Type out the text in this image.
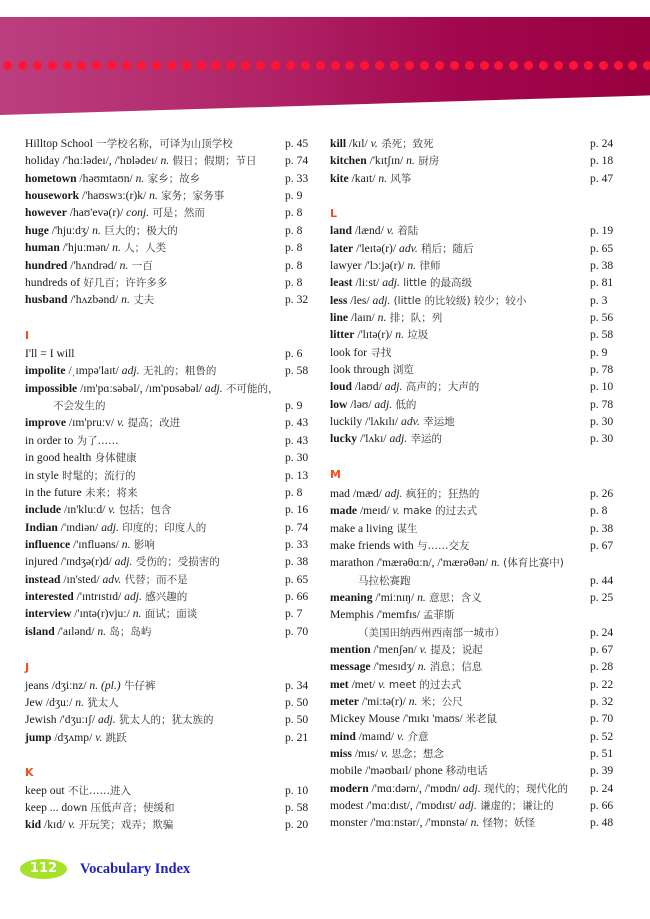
Hilltop School 一学校名称，可译为山顶学校	p. 45
holiday /'hɑːlədeɪ/, /'hɒlədeɪ/ n. 假日；假期；节日 p. 74
hometown /həʊmtaʊn/ n. 家乡；故乡	p. 33
housework /'haʊswɜː(r)k/ n. 家务；家务事	p. 9
however /haʊ'evə(r)/ conj. 可是；然而	p. 8
huge /'hjuːdʒ/ n. 巨大的；极大的	p. 8
human /'hjuːmən/ n. 人；人类	p. 8
hundred /'hʌndrəd/ n. 一百	p. 8
hundreds of 好几百；许许多多	p. 8
husband /'hʌzbənd/ n. 丈夫	p. 32
I
I'll = I will	p. 6
impolite /ˌɪmpə'laɪt/ adj. 无礼的；粗鲁的	p. 58
impossible /ɪm'pɑːsəbəl/, /ɪm'pɒsəbəl/ adj. 不可能的，
不会发生的	p. 9
improve /ɪm'pruːv/ v. 提高；改进	p. 43
in order to 为了……	p. 43
in good health 身体健康	p. 30
in style 时髦的；流行的	p. 13
in the future 未来；将来	p. 8
include /ɪn'kluːd/ v. 包括；包含	p. 16
Indian /'ɪndiən/ adj. 印度的；印度人的	p. 74
influence /'ɪnfluəns/ n. 影响	p. 33
injured /'ɪndʒə(r)d/ adj. 受伤的；受损害的	p. 38
instead /ɪn'sted/ adv. 代替；而不是	p. 65
interested /'ɪntrɪstɪd/ adj. 感兴趣的	p. 66
interview /'ɪntə(r)vjuː/ n. 面试；面谈	p. 7
island /'aɪlənd/ n. 岛；岛屿	p. 70
J
jeans /dʒiːnz/ n. (pl.) 牛仔裤	p. 34
Jew /dʒuː/ n. 犹太人	p. 50
Jewish /'dʒuːɪʃ/ adj. 犹太人的；犹太族的	p. 50
jump /dʒʌmp/ v. 跳跃	p. 21
K
keep out 不让……进入	p. 10
keep ... down 压低声音；使缓和	p. 58
kid /kɪd/ v. 开玩笑；戏弄；欺骗	p. 20
kill /kɪl/ v. 杀死；致死	p. 24
kitchen /'kɪtʃɪn/ n. 厨房	p. 18
kite /kaɪt/ n. 风筝	p. 47
L
land /lænd/ v. 着陆	p. 19
later /'leɪtə(r)/ adv. 稍后；随后	p. 65
lawyer /'lɔːjə(r)/ n. 律师	p. 38
least /liːst/ adj. little 的最高级	p. 81
less /les/ adj. (little 的比较级) 较少；较小	p. 3
line /laɪn/ n. 排；队；列	p. 56
litter /'lɪtə(r)/ n. 垃圾	p. 58
look for 寻找	p. 9
look through 浏览	p. 78
loud /laʊd/ adj. 高声的；大声的	p. 10
low /ləʊ/ adj. 低的	p. 78
luckily /'lʌkɪlɪ/ adv. 幸运地	p. 30
lucky /'lʌkɪ/ adj. 幸运的	p. 30
M
mad /mæd/ adj. 疯狂的；狂热的	p. 26
made /meɪd/ v. make 的过去式	p. 8
make a living 谋生	p. 38
make friends with 与……交友	p. 67
marathon /'mærəθɑːn/, /'mærəθən/ n. (体育比赛中)
马拉松赛跑	p. 44
meaning /'miːnɪŋ/ n. 意思；含义	p. 25
Memphis /'memfɪs/ 孟菲斯
（美国田纳西州西南部一城市）	p. 24
mention /'menʃən/ v. 提及；说起	p. 67
message /'mesɪdʒ/ n. 消息；信息	p. 28
met /met/ v. meet 的过去式	p. 22
meter /'miːtə(r)/ n. 米；公尺	p. 32
Mickey Mouse /'mɪkɪ 'maʊs/ 米老鼠	p. 70
mind /maɪnd/ v. 介意	p. 52
miss /mɪs/ v. 思念；想念	p. 51
mobile /'məʊbaɪl/ phone 移动电话	p. 39
modern /'mɑːdərn/, /'mɒdn/ adj. 现代的；现代化的 p. 24
modest /'mɑːdɪst/, /'mɒdɪst/ adj. 谦虚的；谦让的	p. 66
monster /'mɑːnstər/, /'mɒnstə/ n. 怪物；妖怪	p. 48
112	Vocabulary Index
